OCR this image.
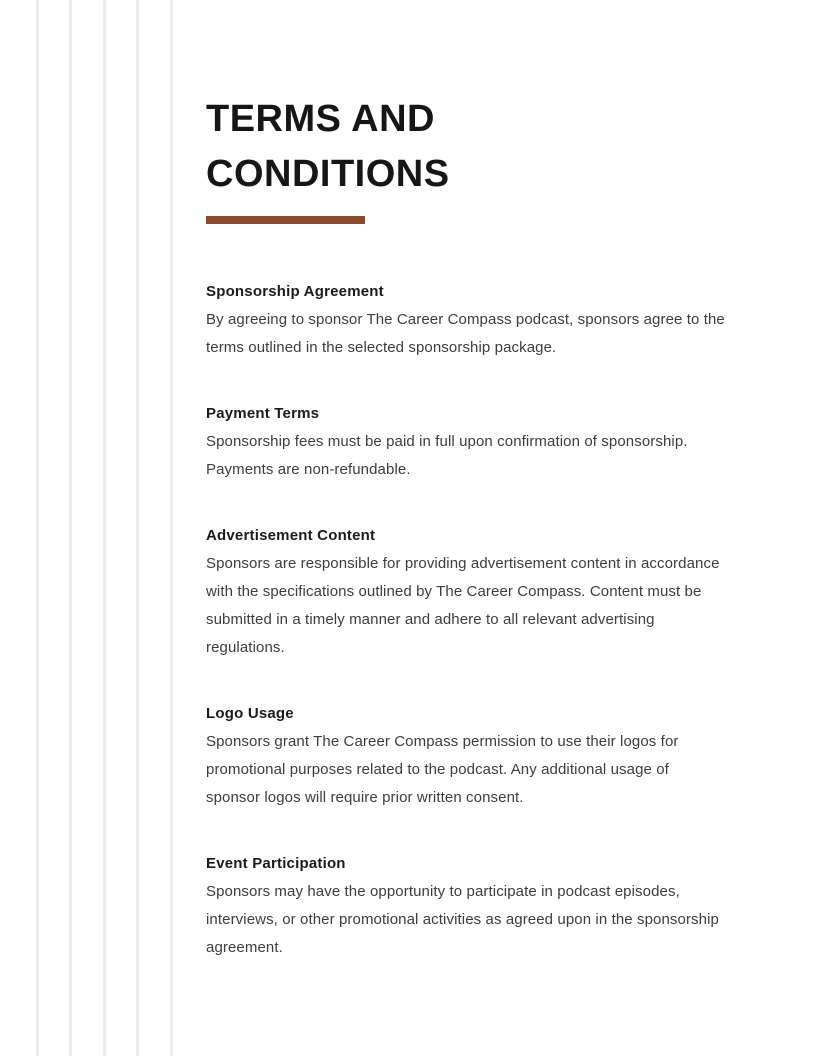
TERMS AND CONDITIONS
Sponsorship Agreement

By agreeing to sponsor The Career Compass podcast, sponsors agree to the terms outlined in the selected sponsorship package.

Payment Terms

Sponsorship fees must be paid in full upon confirmation of sponsorship. Payments are non-refundable.

Advertisement Content

Sponsors are responsible for providing advertisement content in accordance with the specifications outlined by The Career Compass. Content must be submitted in a timely manner and adhere to all relevant advertising regulations.

Logo Usage

Sponsors grant The Career Compass permission to use their logos for promotional purposes related to the podcast. Any additional usage of sponsor logos will require prior written consent.

Event Participation

Sponsors may have the opportunity to participate in podcast episodes, interviews, or other promotional activities as agreed upon in the sponsorship agreement.
